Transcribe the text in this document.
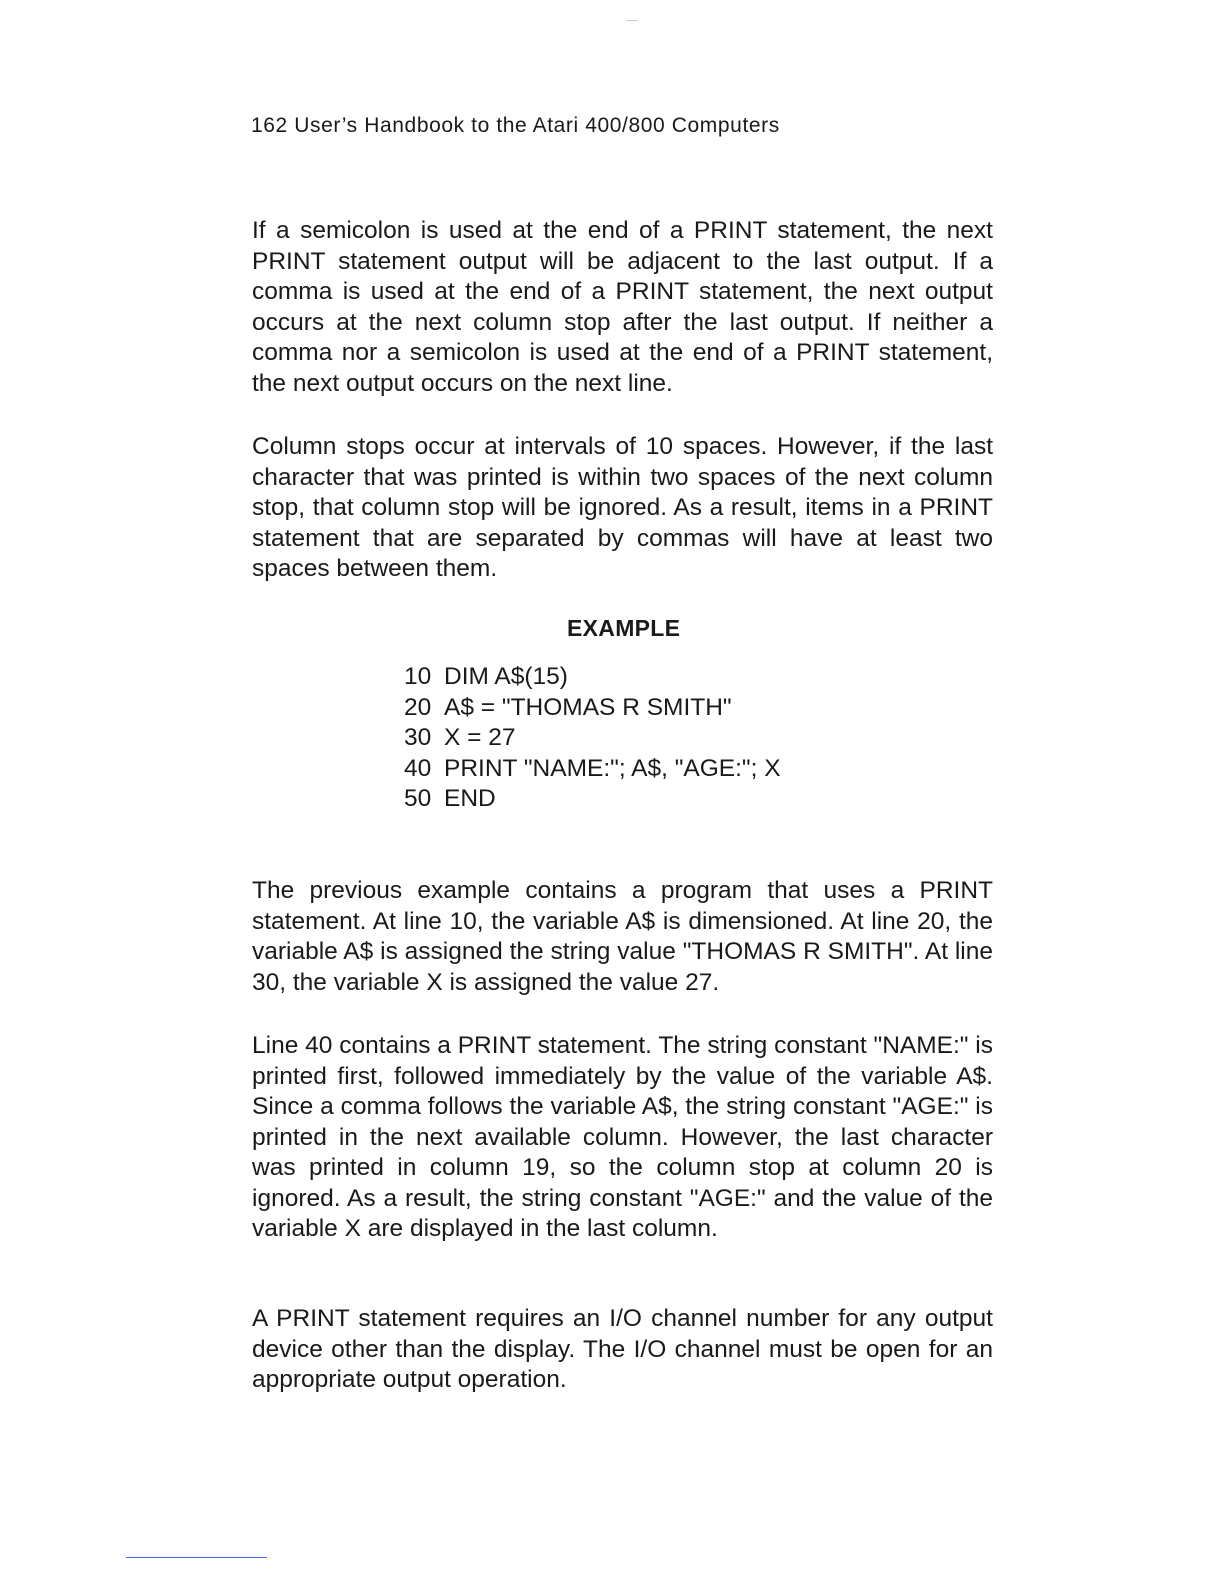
162 User’s Handbook to the Atari 400/800 Computers

If a semicolon is used at the end of a PRINT statement, the next PRINT statement output will be adjacent to the last output. If a comma is used at the end of a PRINT statement, the next output occurs at the next column stop after the last output. If neither a comma nor a semicolon is used at the end of a PRINT statement, the next output occurs on the next line.

Column stops occur at intervals of 10 spaces. However, if the last character that was printed is within two spaces of the next column stop, that column stop will be ignored. As a result, items in a PRINT statement that are separated by commas will have at least two spaces between them.

EXAMPLE
10 DIM A$(15)
20 A$ = "THOMAS R SMITH"
30 X = 27
40 PRINT "NAME:"; A$, "AGE:"; X
50 END

The previous example contains a program that uses a PRINT statement. At line 10, the variable A$ is dimensioned. At line 20, the variable A$ is assigned the string value "THOMAS R SMITH". At line 30, the variable X is assigned the value 27.

Line 40 contains a PRINT statement. The string constant "NAME:" is printed first, followed immediately by the value of the variable A$. Since a comma follows the variable A$, the string constant "AGE:" is printed in the next available column. However, the last character was printed in column 19, so the column stop at column 20 is ignored. As a result, the string constant "AGE:" and the value of the variable X are displayed in the last column.

A PRINT statement requires an I/O channel number for any output device other than the display. The I/O channel must be open for an appropriate output operation.
